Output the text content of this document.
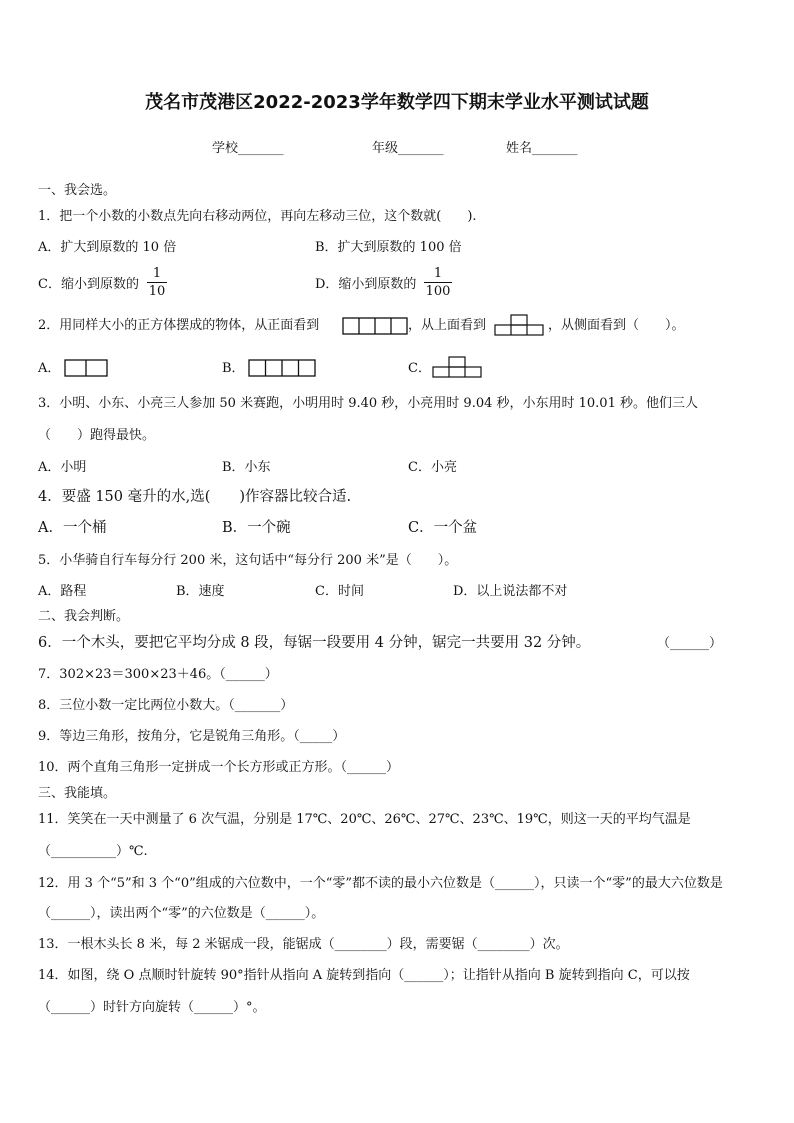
茂名市茂港区2022-2023学年数学四下期末学业水平测试试题
学校_______	年级_______	姓名_______
一、我会选。
1．把一个小数的小数点先向右移动两位，再向左移动三位，这个数就(　　).
A．扩大到原数的 10 倍	B．扩大到原数的 100 倍
C．缩小到原数的
1
10	D．缩小到原数的
1
100
2．用同样大小的正方体摆成的物体，从正面看到	，从上面看到	，从侧面看到（　　）。
A．	B．	C．
3．小明、小东、小亮三人参加 50 米赛跑，小明用时 9.40 秒，小亮用时 9.04 秒，小东用时 10.01 秒。他们三人
（　　）跑得最快。
A．小明	B．小东	C．小亮
4．要盛 150 毫升的水,选(　　)作容器比较合适.
A．一个桶	B．一个碗	C．一个盆
5．小华骑自行车每分行 200 米，这句话中“每分行 200 米”是（　　）。
A．路程	B．速度	C．时间	D．以上说法都不对
二、我会判断。
6．一个木头，要把它平均分成 8 段，每锯一段要用 4 分钟，锯完一共要用 32 分钟。	（______）
7．302×23＝300×23＋46。（______）
8．三位小数一定比两位小数大。（_______）
9．等边三角形，按角分，它是锐角三角形。（_____）
10．两个直角三角形一定拼成一个长方形或正方形。（______）
三、我能填。
11．笑笑在一天中测量了 6 次气温，分别是 17℃、20℃、26℃、27℃、23℃、19℃，则这一天的平均气温是
（__________）℃.
12．用 3 个“5”和 3 个“0”组成的六位数中，一个“零”都不读的最小六位数是（______），只读一个“零”的最大六位数是
（______），读出两个“零”的六位数是（______）。
13．一根木头长 8 米，每 2 米锯成一段，能锯成（________）段，需要锯（________）次。
14．如图，绕 O 点顺时针旋转 90°指针从指向 A 旋转到指向（______）；让指针从指向 B 旋转到指向 C，可以按
（______）时针方向旋转（______）°。
